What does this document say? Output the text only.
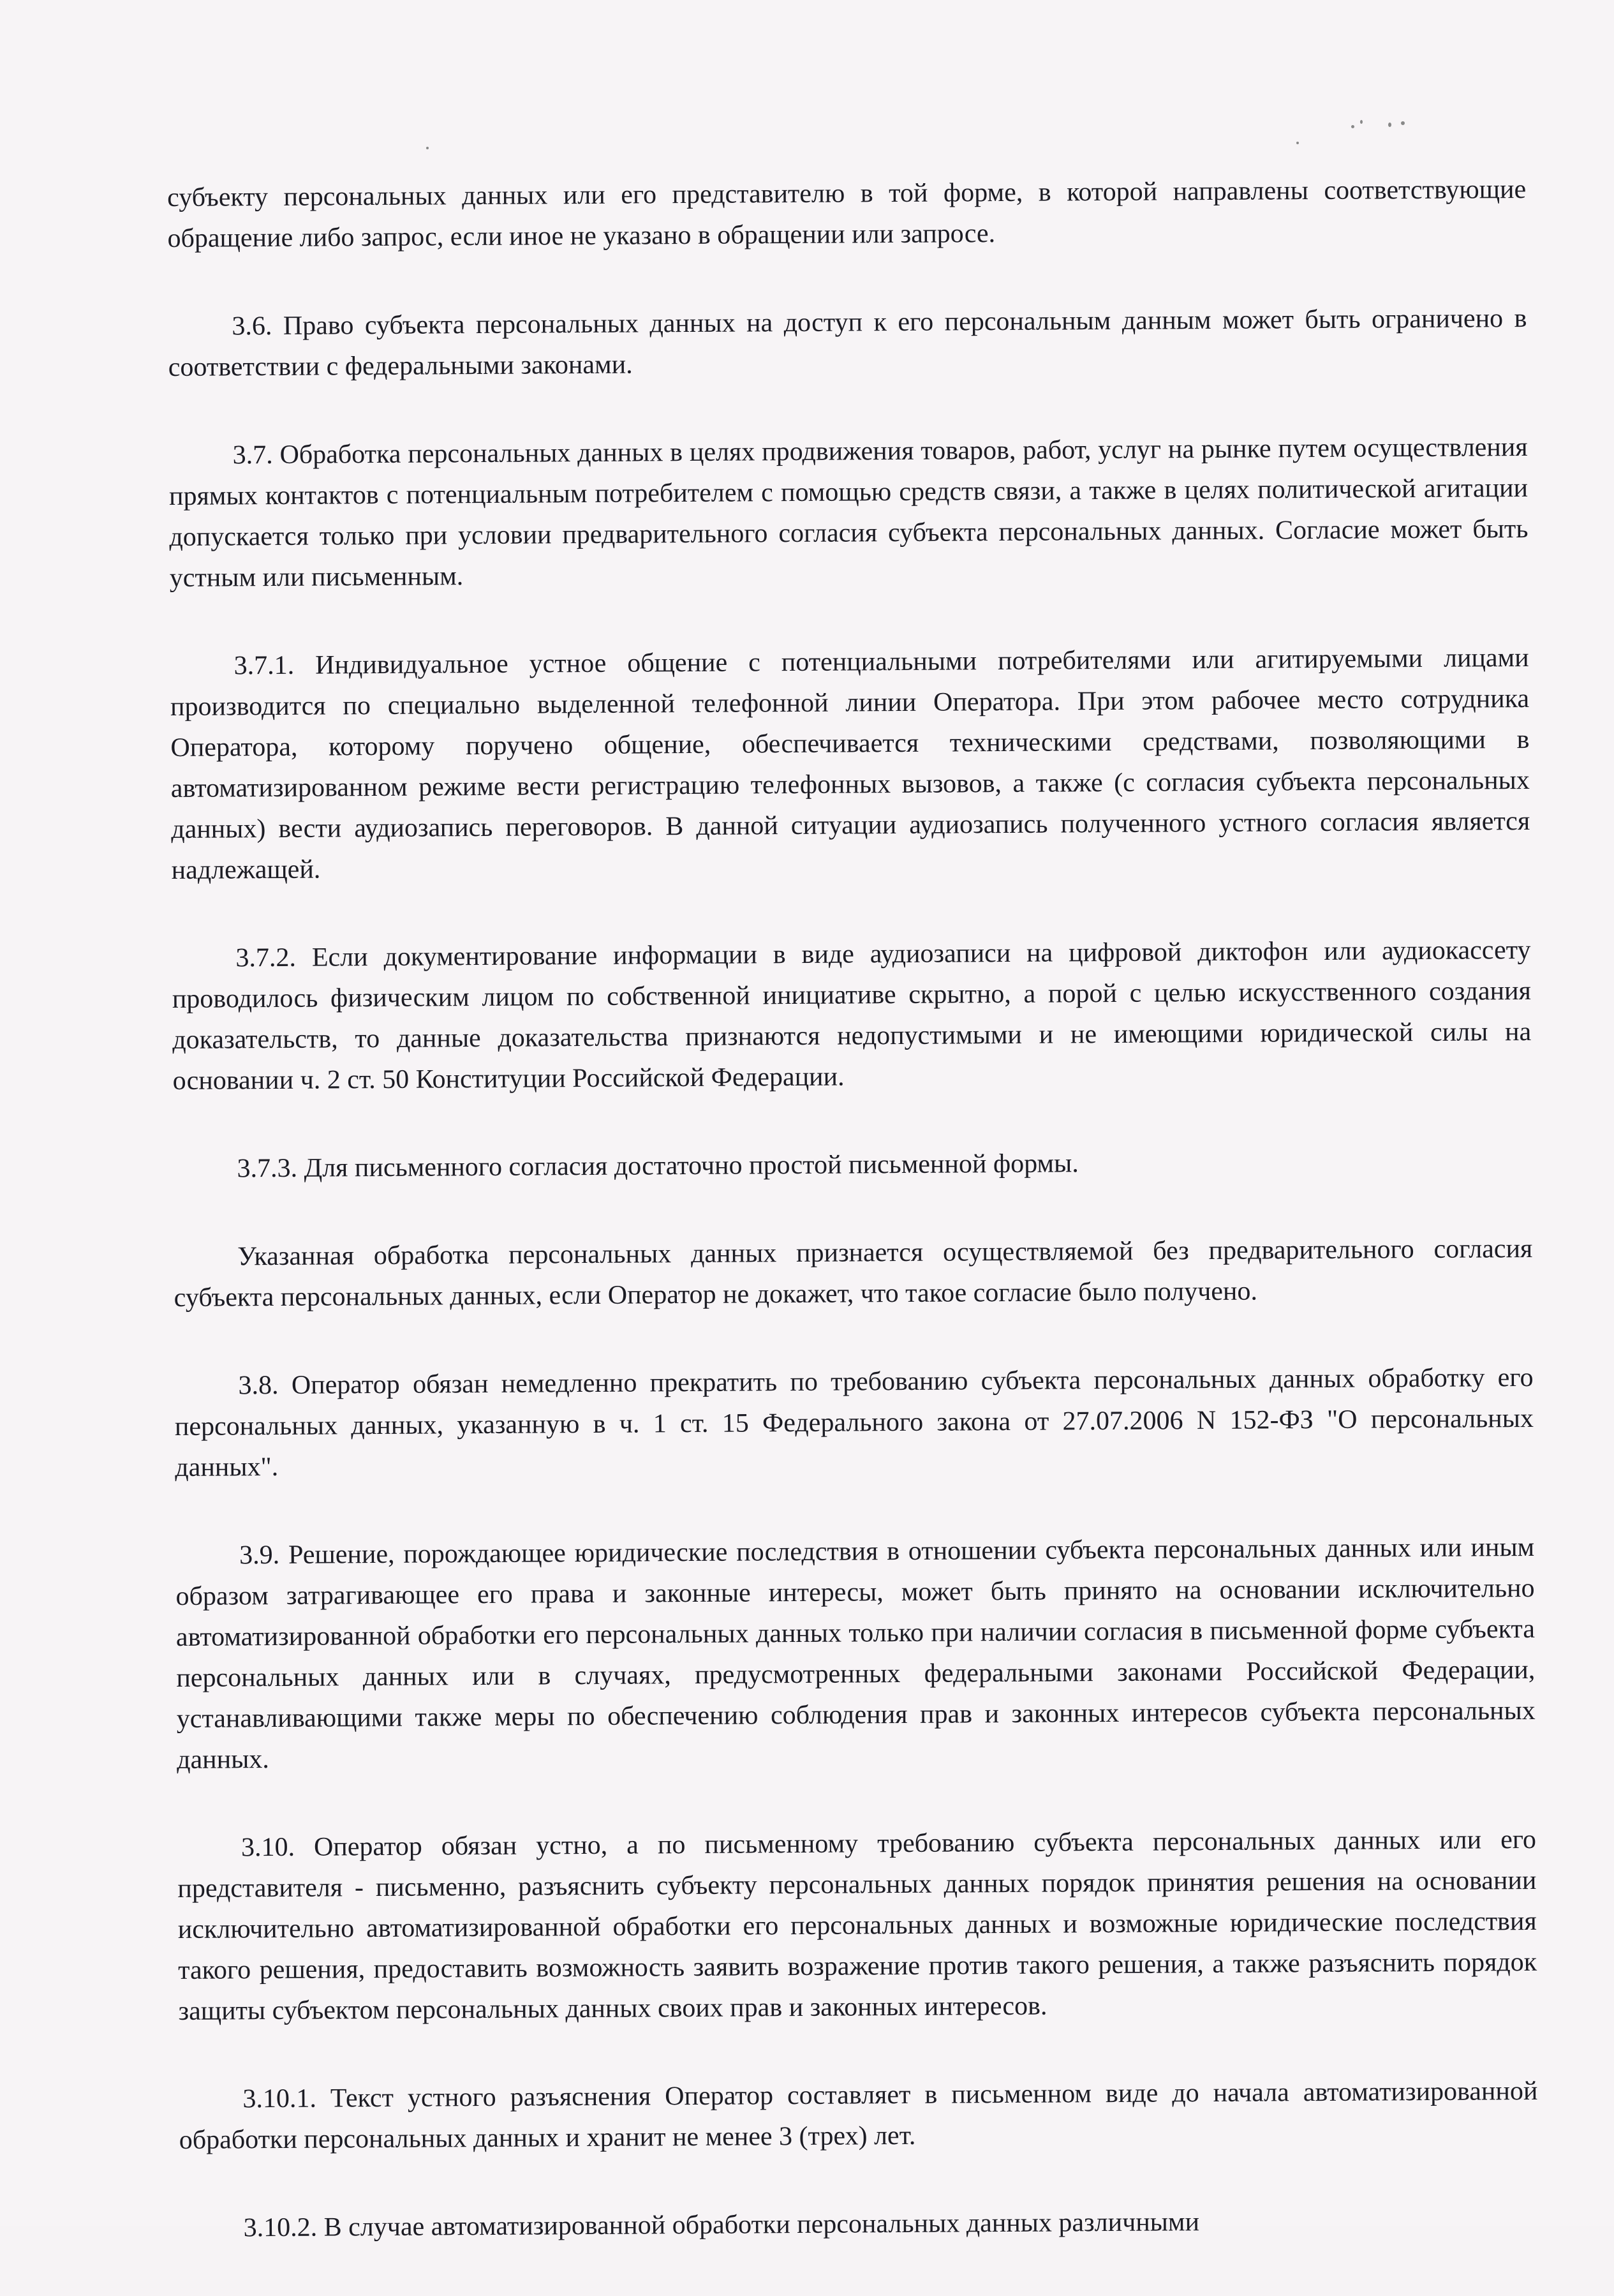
субъекту персональных данных или его представителю в той форме, в которой направлены соответствующие обращение либо запрос, если иное не указано в обращении или запросе.

3.6. Право субъекта персональных данных на доступ к его персональным данным может быть ограничено в соответствии с федеральными законами.

3.7. Обработка персональных данных в целях продвижения товаров, работ, услуг на рынке путем осуществления прямых контактов с потенциальным потребителем с помощью средств связи, а также в целях политической агитации допускается только при условии предварительного согласия субъекта персональных данных. Согласие может быть устным или письменным.

3.7.1. Индивидуальное устное общение с потенциальными потребителями или агитируемыми лицами производится по специально выделенной телефонной линии Оператора. При этом рабочее место сотрудника Оператора, которому поручено общение, обеспечивается техническими средствами, позволяющими в автоматизированном режиме вести регистрацию телефонных вызовов, а также (с согласия субъекта персональных данных) вести аудиозапись переговоров. В данной ситуации аудиозапись полученного устного согласия является надлежащей.

3.7.2. Если документирование информации в виде аудиозаписи на цифровой диктофон или аудиокассету проводилось физическим лицом по собственной инициативе скрытно, а порой с целью искусственного создания доказательств, то данные доказательства признаются недопустимыми и не имеющими юридической силы на основании ч. 2 ст. 50 Конституции Российской Федерации.

3.7.3. Для письменного согласия достаточно простой письменной формы.

Указанная обработка персональных данных признается осуществляемой без предварительного согласия субъекта персональных данных, если Оператор не докажет, что такое согласие было получено.

3.8. Оператор обязан немедленно прекратить по требованию субъекта персональных данных обработку его персональных данных, указанную в ч. 1 ст. 15 Федерального закона от 27.07.2006 N 152-ФЗ "О персональных данных".

3.9. Решение, порождающее юридические последствия в отношении субъекта персональных данных или иным образом затрагивающее его права и законные интересы, может быть принято на основании исключительно автоматизированной обработки его персональных данных только при наличии согласия в письменной форме субъекта персональных данных или в случаях, предусмотренных федеральными законами Российской Федерации, устанавливающими также меры по обеспечению соблюдения прав и законных интересов субъекта персональных данных.

3.10. Оператор обязан устно, а по письменному требованию субъекта персональных данных или его представителя - письменно, разъяснить субъекту персональных данных порядок принятия решения на основании исключительно автоматизированной обработки его персональных данных и возможные юридические последствия такого решения, предоставить возможность заявить возражение против такого решения, а также разъяснить порядок защиты субъектом персональных данных своих прав и законных интересов.

3.10.1. Текст устного разъяснения Оператор составляет в письменном виде до начала автоматизированной обработки персональных данных и хранит не менее 3 (трех) лет.

3.10.2. В случае автоматизированной обработки персональных данных различными
